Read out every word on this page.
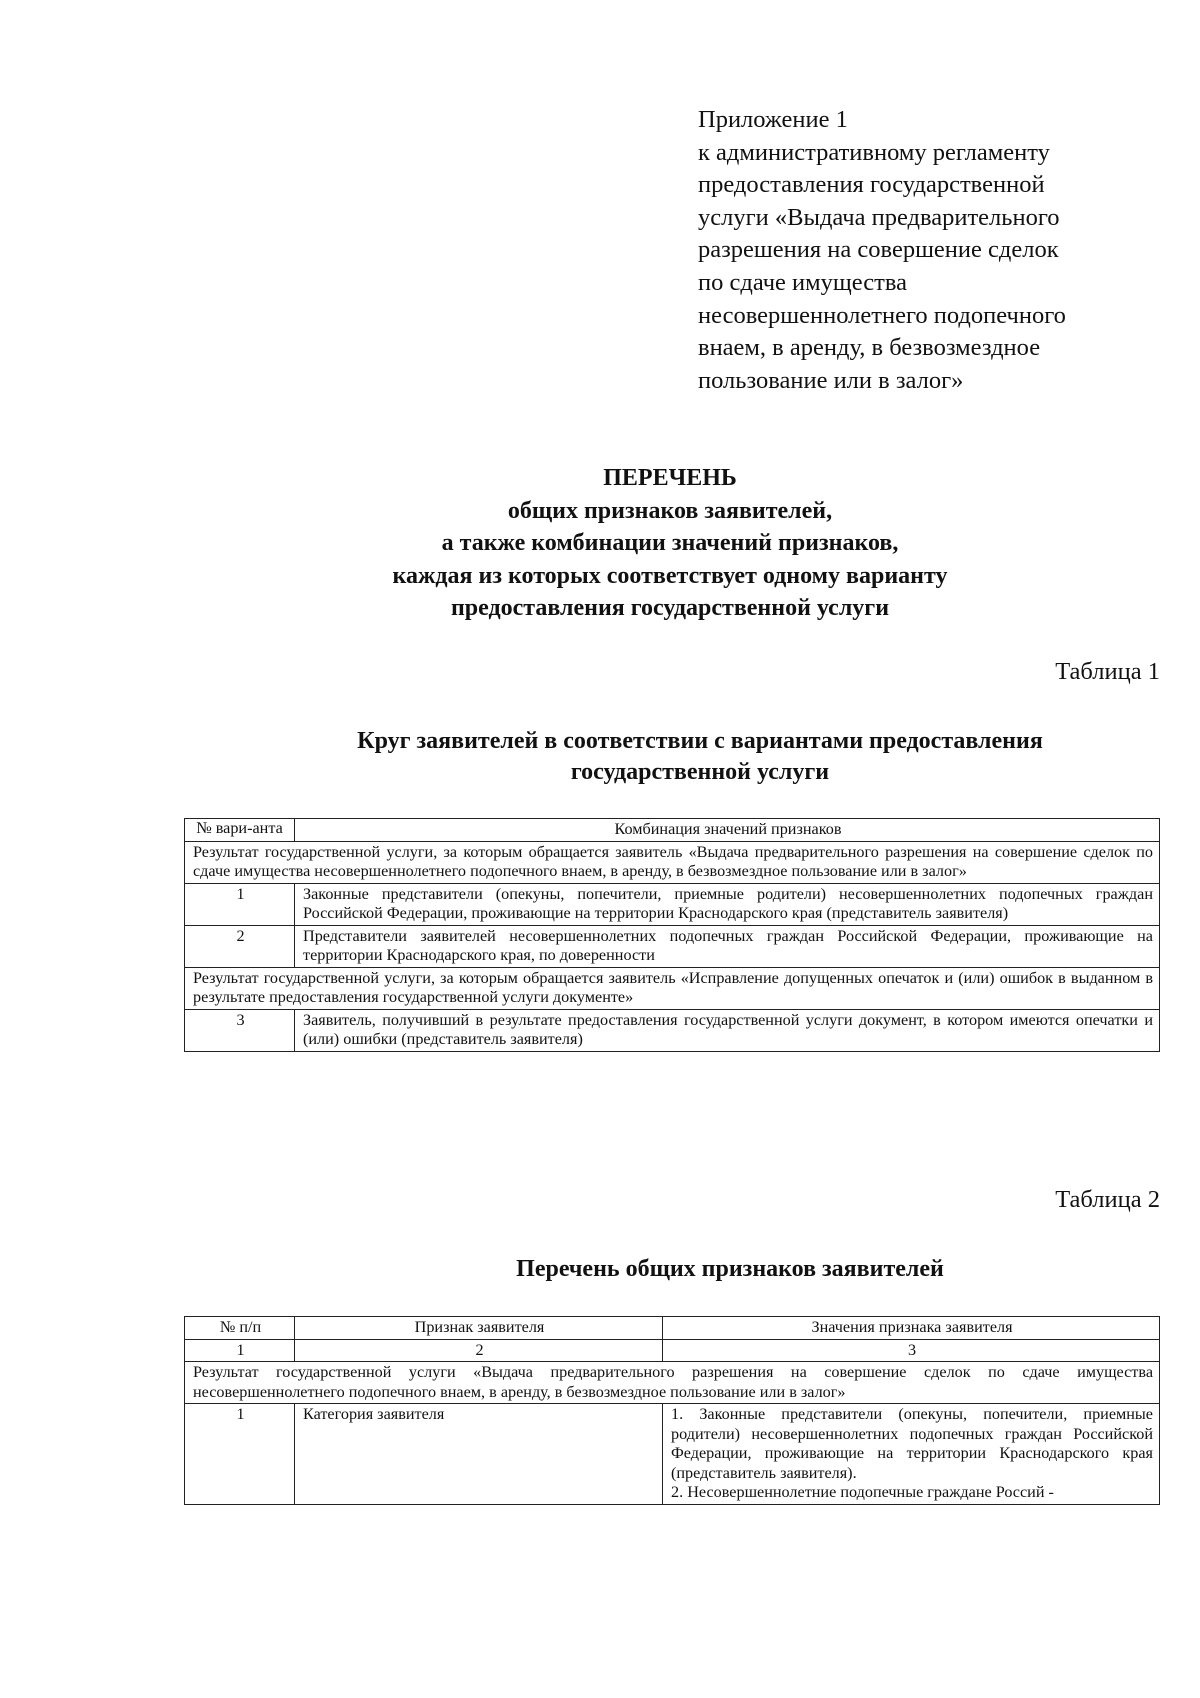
Приложение 1
к административному регламенту
предоставления государственной
услуги «Выдача предварительного
разрешения на совершение сделок
по сдаче имущества
несовершеннолетнего подопечного
внаем, в аренду, в безвозмездное
пользование или в залог»
ПЕРЕЧЕНЬ
общих признаков заявителей,
а также комбинации значений признаков,
каждая из которых соответствует одному варианту
предоставления государственной услуги
Таблица 1
Круг заявителей в соответствии с вариантами предоставления
государственной услуги
№ вари-анта	Комбинация значений признаков
Результат государственной услуги, за которым обращается заявитель «Выдача предварительного разрешения на совершение сделок по сдаче имущества несовершеннолетнего подопечного внаем, в аренду, в безвозмездное пользование или в залог»	
1	Законные представители (опекуны, попечители, приемные родители) несовершеннолетних подопечных граждан Российской Федерации, проживающие на территории Краснодарского края (представитель заявителя)
2	Представители заявителей несовершеннолетних подопечных граждан Российской Федерации, проживающие на территории Краснодарского края, по доверенности
Результат государственной услуги, за которым обращается заявитель «Исправление допущенных опечаток и (или) ошибок в выданном в результате предоставления государственной услуги документе»	
3	Заявитель, получивший в результате предоставления государственной услуги документ, в котором имеются опечатки и (или) ошибки (представитель заявителя)
Таблица 2
Перечень общих признаков заявителей
№ п/п	Признак заявителя	Значения признака заявителя
1	2	3
Результат государственной услуги «Выдача предварительного разрешения на совершение сделок по сдаче имущества несовершеннолетнего подопечного внаем, в аренду, в безвозмездное пользование или в залог»		
1	Категория заявителя	1. Законные представители (опекуны, попечители, приемные родители) несовершеннолетних подопечных граждан Российской Федерации, проживающие на территории Краснодарского края (представитель заявителя).
2. Несовершеннолетние подопечные граждане Россий -
